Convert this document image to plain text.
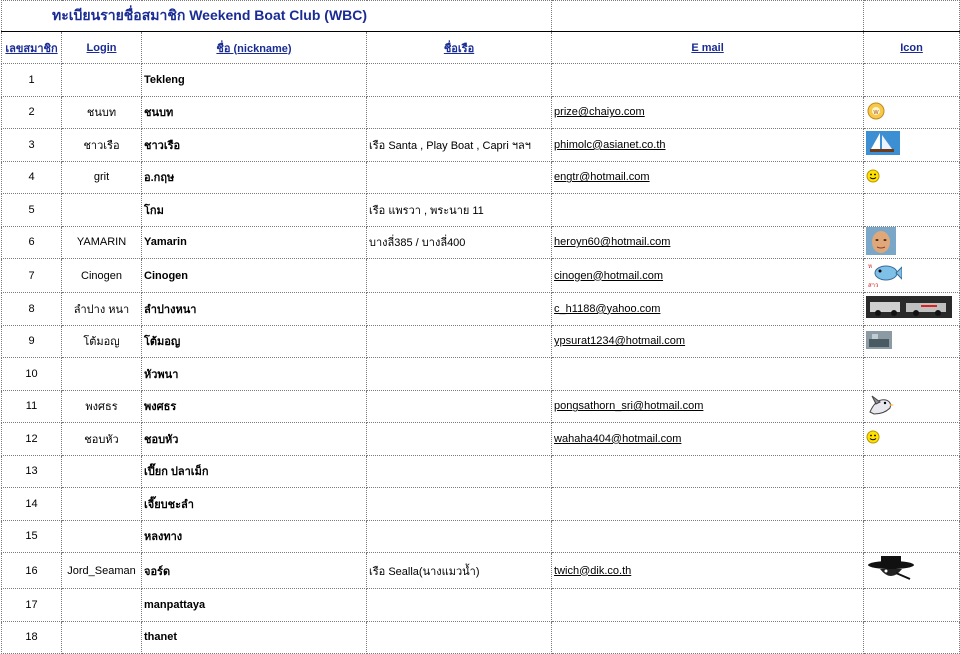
ทะเบียนรายชื่อสมาชิก Weekend Boat Club (WBC)					
เลขสมาชิก	Login	ชื่อ (nickname)	ชื่อเรือ	E mail	Icon
1		Tekleng			
2	ชนบท	ชนบท		prize@chaiyo.com	w

3	ชาวเรือ	ชาวเรือ	เรือ Santa , Play Boat , Capri ฯลฯ	phimolc@asianet.co.th	

4	grit	อ.กฤษ		engtr@hotmail.com	

5		โกม	เรือ แพรวา , พระนาย 11		
6	YAMARIN	Yamarin	บางลี่385 / บางลี่400	heroyn60@hotmail.com	

7	Cinogen	Cinogen		cinogen@hotmail.com	ห
สาว

8	ลำปาง หนา	ลำปางหนา		c_h1188@yahoo.com	

9	โต้มอญ	โต้มอญ		ypsurat1234@hotmail.com	

10		หัวพนา			
11	พงศธร	พงศธร		pongsathorn_sri@hotmail.com	

12	ชอบหัว	ชอบหัว		wahaha404@hotmail.com	

13		เปี๊ยก ปลาเม็ก			
14		เจี๊ยบชะลำ			
15		หลงทาง			
16	Jord_Seaman	จอร์ด	เรือ Sealla(นางแมวน้ำ)	twich@dik.co.th	

17		manpattaya			
18		thanet			
